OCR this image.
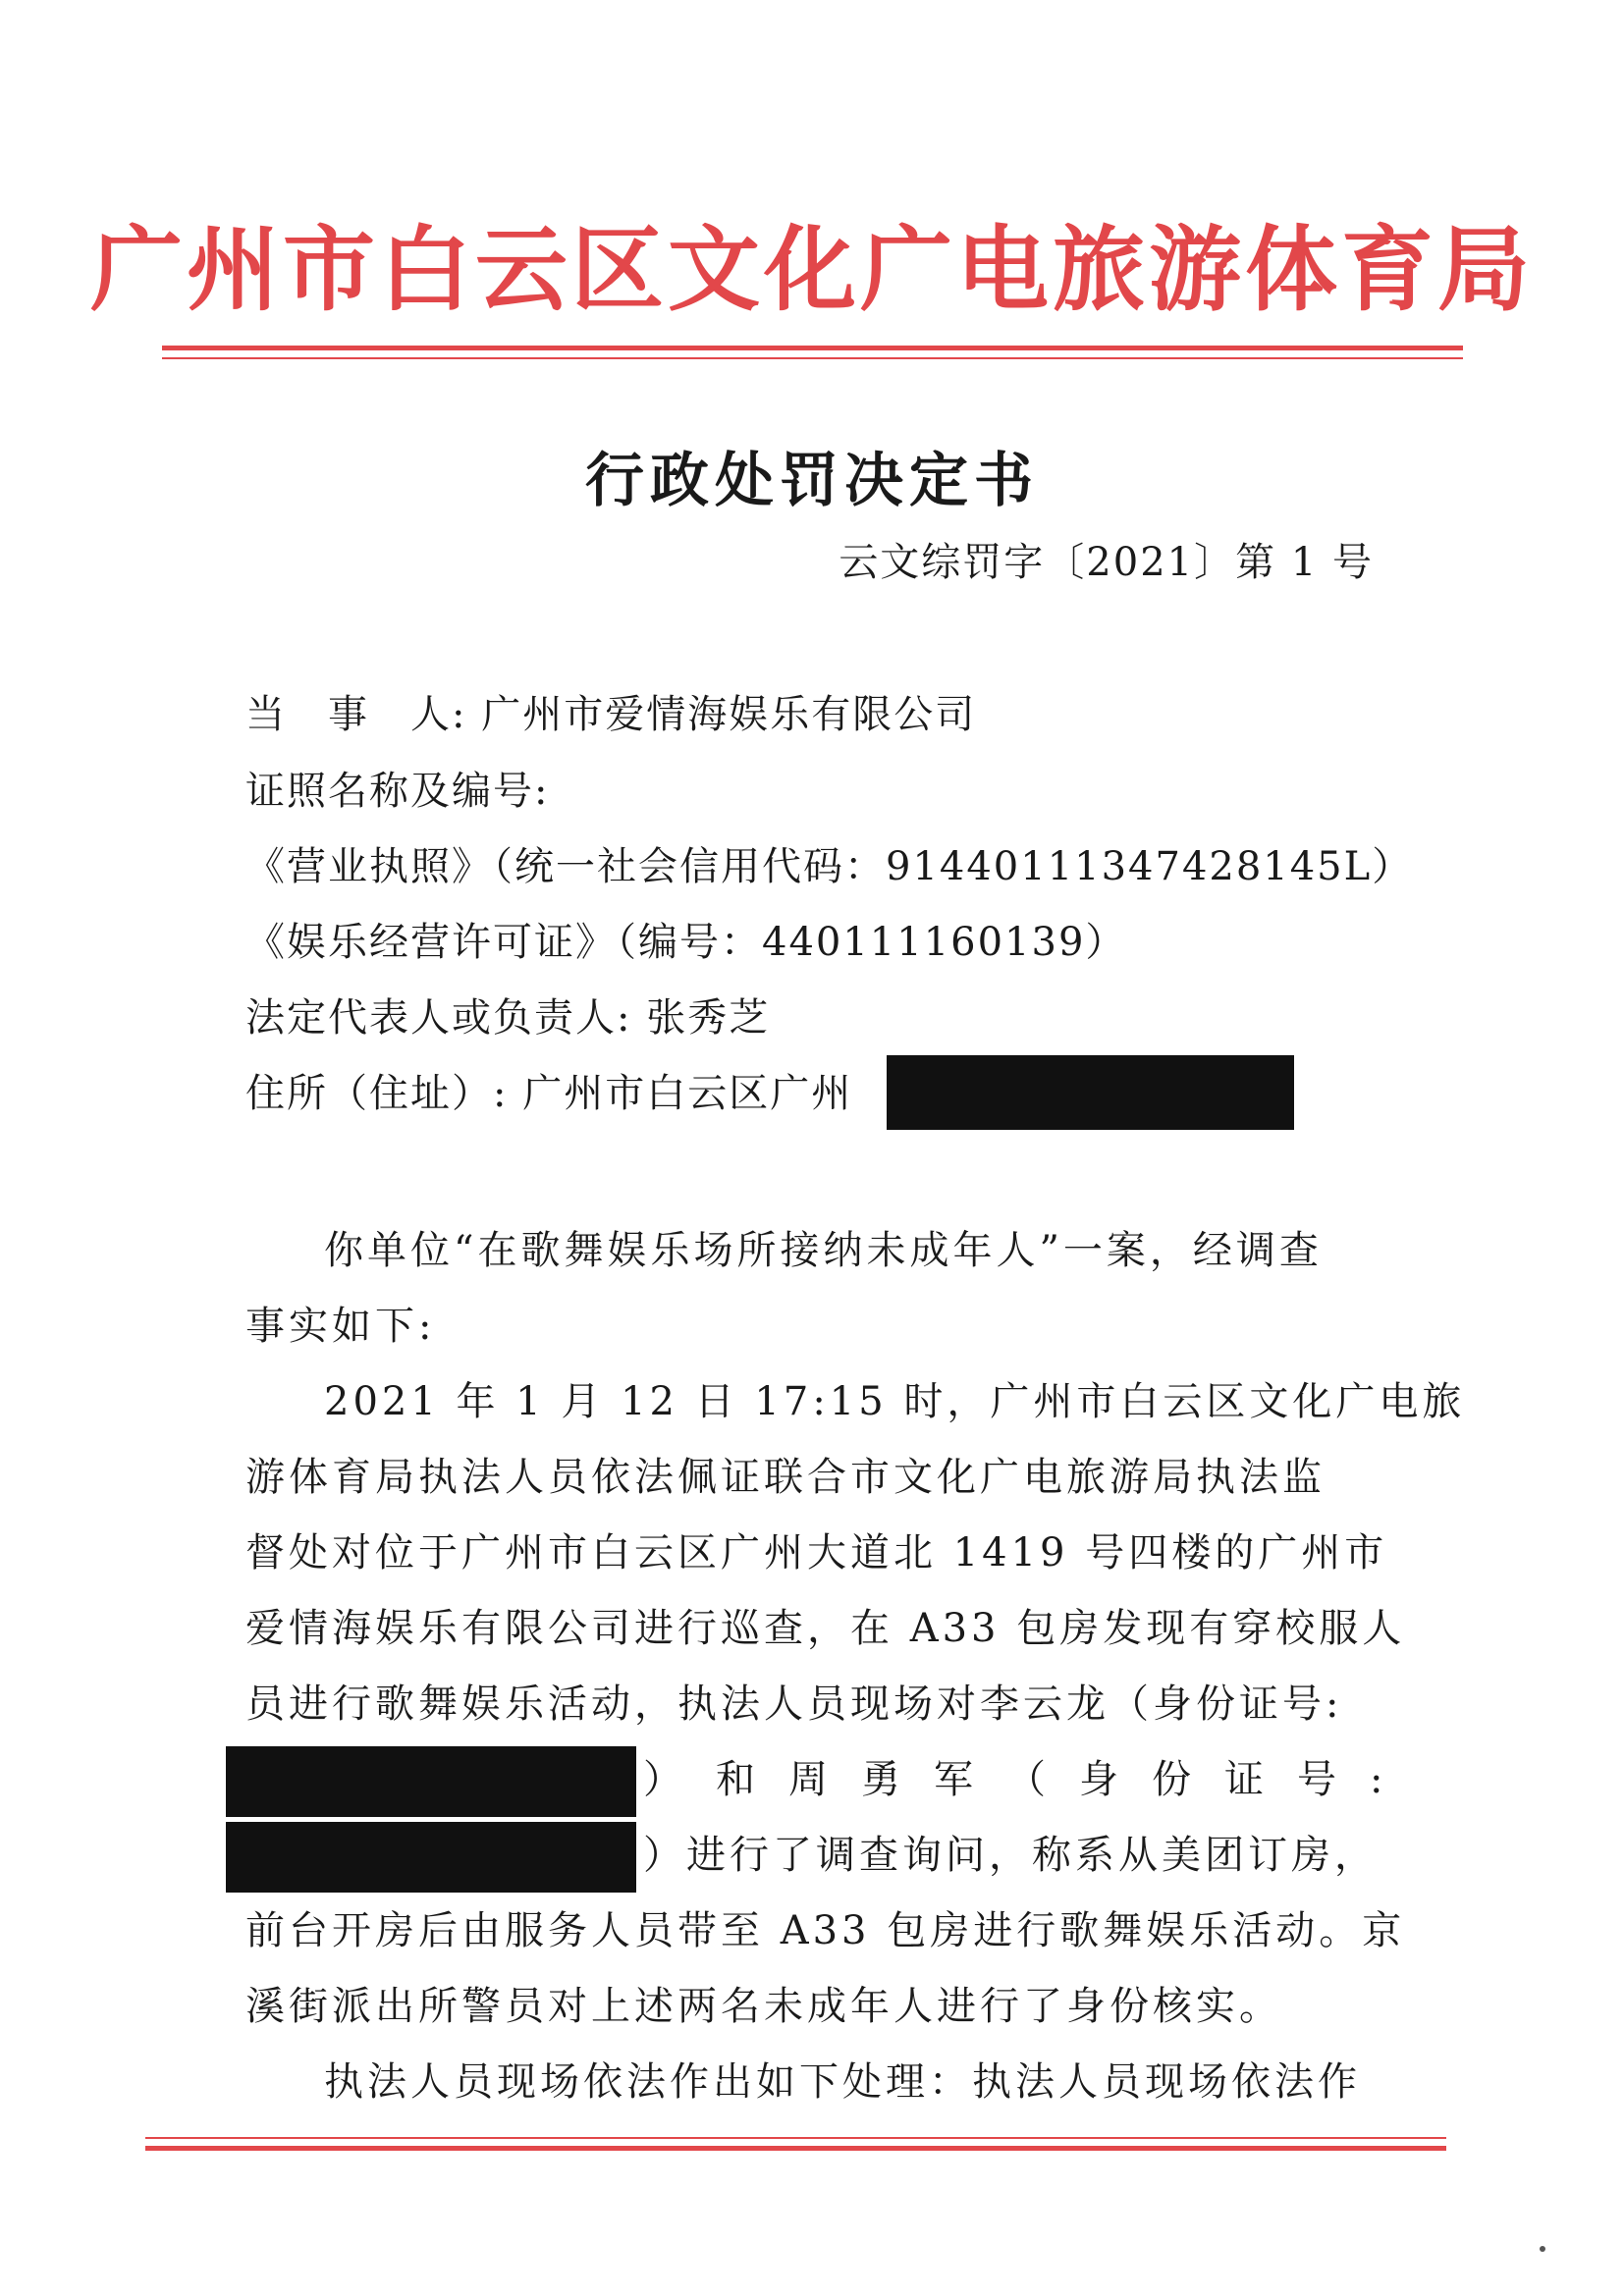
广州市白云区文化广电旅游体育局
行政处罚决定书
云文综罚字〔2021〕第 1 号
当　事　人: 广州市爱情海娱乐有限公司
证照名称及编号:
《营业执照》（统一社会信用代码：91440111347428145L）
《娱乐经营许可证》（编号：440111160139）
法定代表人或负责人: 张秀芝
住所（住址）: 广州市白云区广州
你单位“在歌舞娱乐场所接纳未成年人”一案，经调查
事实如下:
2021 年 1 月 12 日 17:15 时，广州市白云区文化广电旅
游体育局执法人员依法佩证联合市文化广电旅游局执法监
督处对位于广州市白云区广州大道北 1419 号四楼的广州市
爱情海娱乐有限公司进行巡查，在 A33 包房发现有穿校服人
员进行歌舞娱乐活动，执法人员现场对李云龙（身份证号:
）和周勇军（身份证号:
）进行了调查询问，称系从美团订房，
前台开房后由服务人员带至 A33 包房进行歌舞娱乐活动。京
溪街派出所警员对上述两名未成年人进行了身份核实。
执法人员现场依法作出如下处理：执法人员现场依法作
